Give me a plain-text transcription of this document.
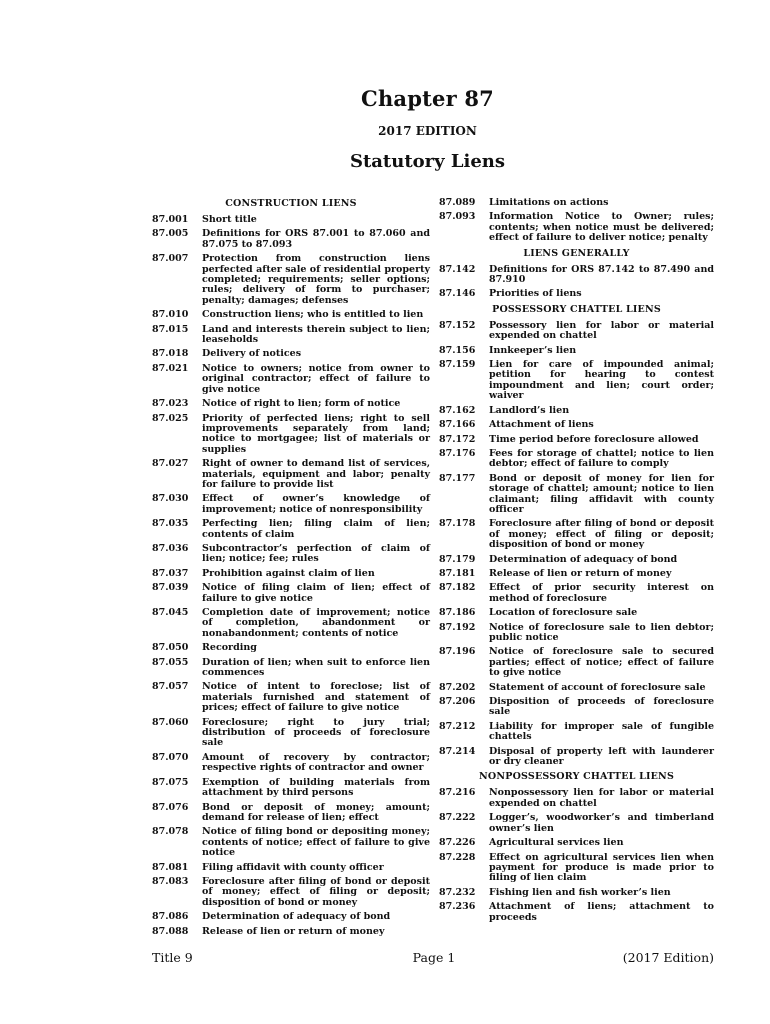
Chapter 87
2017 EDITION
Statutory Liens
CONSTRUCTION LIENS
87.001	Short title
87.005	Definitions for ORS 87.001 to 87.060 and 87.075 to 87.093
87.007	Protection from construction liens perfected after sale of residential property completed; requirements; seller options; rules; delivery of form to purchaser; penalty; damages; defenses
87.010	Construction liens; who is entitled to lien
87.015	Land and interests therein subject to lien; leaseholds
87.018	Delivery of notices
87.021	Notice to owners; notice from owner to original contractor; effect of failure to give notice
87.023	Notice of right to lien; form of notice
87.025	Priority of perfected liens; right to sell improvements separately from land; notice to mortgagee; list of materials or supplies
87.027	Right of owner to demand list of services, materials, equipment and labor; penalty for failure to provide list
87.030	Effect of owner’s knowledge of improvement; notice of nonresponsibility
87.035	Perfecting lien; filing claim of lien; contents of claim
87.036	Subcontractor’s perfection of claim of lien; notice; fee; rules
87.037	Prohibition against claim of lien
87.039	Notice of filing claim of lien; effect of failure to give notice
87.045	Completion date of improvement; notice of completion, abandonment or nonabandonment; contents of notice
87.050	Recording
87.055	Duration of lien; when suit to enforce lien commences
87.057	Notice of intent to foreclose; list of materials furnished and statement of prices; effect of failure to give notice
87.060	Foreclosure; right to jury trial; distribution of proceeds of foreclosure sale
87.070	Amount of recovery by contractor; respective rights of contractor and owner
87.075	Exemption of building materials from attachment by third persons
87.076	Bond or deposit of money; amount; demand for release of lien; effect
87.078	Notice of filing bond or depositing money; contents of notice; effect of failure to give notice
87.081	Filing affidavit with county officer
87.083	Foreclosure after filing of bond or deposit of money; effect of filing or deposit; disposition of bond or money
87.086	Determination of adequacy of bond
87.088	Release of lien or return of money
87.089	Limitations on actions
87.093	Information Notice to Owner; rules; contents; when notice must be delivered; effect of failure to deliver notice; penalty
LIENS GENERALLY
87.142	Definitions for ORS 87.142 to 87.490 and 87.910
87.146	Priorities of liens
POSSESSORY CHATTEL LIENS
87.152	Possessory lien for labor or material expended on chattel
87.156	Innkeeper’s lien
87.159	Lien for care of impounded animal; petition for hearing to contest impoundment and lien; court order; waiver
87.162	Landlord’s lien
87.166	Attachment of liens
87.172	Time period before foreclosure allowed
87.176	Fees for storage of chattel; notice to lien debtor; effect of failure to comply
87.177	Bond or deposit of money for lien for storage of chattel; amount; notice to lien claimant; filing affidavit with county officer
87.178	Foreclosure after filing of bond or deposit of money; effect of filing or deposit; disposition of bond or money
87.179	Determination of adequacy of bond
87.181	Release of lien or return of money
87.182	Effect of prior security interest on method of foreclosure
87.186	Location of foreclosure sale
87.192	Notice of foreclosure sale to lien debtor; public notice
87.196	Notice of foreclosure sale to secured parties; effect of notice; effect of failure to give notice
87.202	Statement of account of foreclosure sale
87.206	Disposition of proceeds of foreclosure sale
87.212	Liability for improper sale of fungible chattels
87.214	Disposal of property left with launderer or dry cleaner
NONPOSSESSORY CHATTEL LIENS
87.216	Nonpossessory lien for labor or material expended on chattel
87.222	Logger’s, woodworker’s and timberland owner’s lien
87.226	Agricultural services lien
87.228	Effect on agricultural services lien when payment for produce is made prior to filing of lien claim
87.232	Fishing lien and fish worker’s lien
87.236	Attachment of liens; attachment to proceeds
Title 9	Page 1	(2017 Edition)
